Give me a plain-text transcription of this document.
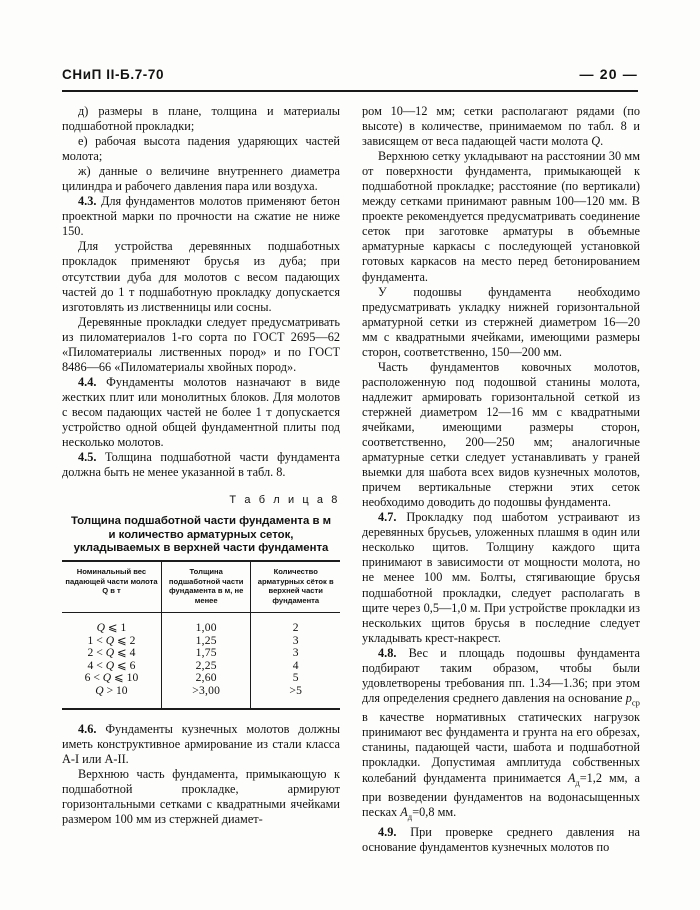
СНиП II-Б.7-70	— 20 —

д) размеры в плане, толщина и материалы подшаботной прокладки;

е) рабочая высота падения ударяющих частей молота;

ж) данные о величине внутреннего диаметра цилиндра и рабочего давления пара или воздуха.

4.3. Для фундаментов молотов применяют бетон проектной марки по прочности на сжатие не ниже 150.

Для устройства деревянных подшаботных прокладок применяют брусья из дуба; при отсутствии дуба для молотов с весом падающих частей до 1 т подшаботную прокладку допускается изготовлять из лиственницы или сосны.

Деревянные прокладки следует предусматривать из пиломатериалов 1-го сорта по ГОСТ 2695—62 «Пиломатериалы лиственных пород» и по ГОСТ 8486—66 «Пиломатериалы хвойных пород».

4.4. Фундаменты молотов назначают в виде жестких плит или монолитных блоков. Для молотов с весом падающих частей не более 1 т допускается устройство одной общей фундаментной плиты под несколько молотов.

4.5. Толщина подшаботной части фундамента должна быть не менее указанной в табл. 8.

Т а б л и ц а 8
Толщина подшаботной части фундамента в м
и количество арматурных сеток,
укладываемых в верхней части фундамента
Номинальный вес падающей части молота Q в т	Толщина подшаботной части фундамента в м, не менее	Количество арматурных сёток в верхней части фундамента
Q ⩽ 1	1,00	2
1 < Q ⩽ 2	1,25	3
2 < Q ⩽ 4	1,75	3
4 < Q ⩽ 6	2,25	4
6 < Q ⩽ 10	2,60	5
Q > 10	>3,00	>5

4.6. Фундаменты кузнечных молотов должны иметь конструктивное армирование из стали класса А-I или А-II.

Верхнюю часть фундамента, примыкающую к подшаботной прокладке, армируют горизонтальными сетками с квадратными ячейками размером 100 мм из стержней диамет-

ром 10—12 мм; сетки располагают рядами (по высоте) в количестве, принимаемом по табл. 8 и зависящем от веса падающей части молота Q.

Верхнюю сетку укладывают на расстоянии 30 мм от поверхности фундамента, примыкающей к подшаботной прокладке; расстояние (по вертикали) между сетками принимают равным 100—120 мм. В проекте рекомендуется предусматривать соединение сеток при заготовке арматуры в объемные арматурные каркасы с последующей установкой готовых каркасов на место перед бетонированием фундамента.

У подошвы фундамента необходимо предусматривать укладку нижней горизонтальной арматурной сетки из стержней диаметром 16—20 мм с квадратными ячейками, имеющими размеры сторон, соответственно, 150—200 мм.

Часть фундаментов ковочных молотов, расположенную под подошвой станины молота, надлежит армировать горизонтальной сеткой из стержней диаметром 12—16 мм с квадратными ячейками, имеющими размеры сторон, соответственно, 200—250 мм; аналогичные арматурные сетки следует устанавливать у граней выемки для шабота всех видов кузнечных молотов, причем вертикальные стержни этих сеток необходимо доводить до подошвы фундамента.

4.7. Прокладку под шаботом устраивают из деревянных брусьев, уложенных плашмя в один или несколько щитов. Толщину каждого щита принимают в зависимости от мощности молота, но не менее 100 мм. Болты, стягивающие брусья подшаботной прокладки, следует располагать в щите через 0,5—1,0 м. При устройстве прокладки из нескольких щитов брусья в последние следует укладывать крест-накрест.

4.8. Вес и площадь подошвы фундамента подбирают таким образом, чтобы были удовлетворены требования пп. 1.34—1.36; при этом для определения среднего давления на основание $p_{ср}$ в качестве нормативных статических нагрузок принимают вес фундамента и грунта на его обрезах, станины, падающей части, шабота и подшаботной прокладки. Допустимая амплитуда собственных колебаний фундамента принимается $A_д=1,2$ мм, а при возведении фундаментов на водонасыщенных песках $A_д=0,8$ мм.

4.9. При проверке среднего давления на основание фундаментов кузнечных молотов по
